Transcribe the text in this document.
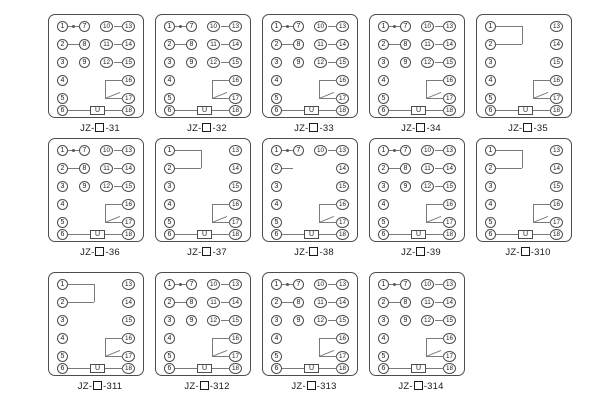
1
2
3
4
5
6
13
14
15
16
17
18
7
8
9
10
11
12
U
JZ- -31
1
2
3
4
5
6
13
14
15
16
17
18
7
8
9
10
11
12
U
JZ- -32
1
2
3
4
5
6
13
14
15
16
17
18
7
8
9
10
11
12
U
JZ- -33
1
2
3
4
5
6
13
14
15
16
17
18
7
8
9
10
11
12
U
JZ- -34
1
2
3
4
5
6
13
14
15
16
17
18
U
JZ- -35
1
2
3
4
5
6
13
14
15
16
17
18
7
8
9
10
11
12
U
JZ- -36
1
2
3
4
5
6
13
14
15
16
17
18
U
JZ- -37
1
2
3
4
5
6
13
14
15
16
17
18
7	10
U
JZ- -38
1
2
3
4
5
6
13
14
15
16
17
18
7
8
9
10
11
12
U
JZ- -39
1
2
3
4
5
6
13
14
15
16
17
18
U
JZ- -310
1
2
3
4
5
6
13
14
15
16
17
18
U
JZ- -311
1
2
3
4
5
6
13
14
15
16
17
18
7
8
9
10
11
12
U
JZ- -312
1
2
3
4
5
6
13
14
15
16
17
18
7
8
9
10
11
12
U
JZ- -313
1
2
3
4
5
6
13
14
15
16
17
18
7
8
9
10
11
12
U
JZ- -314
